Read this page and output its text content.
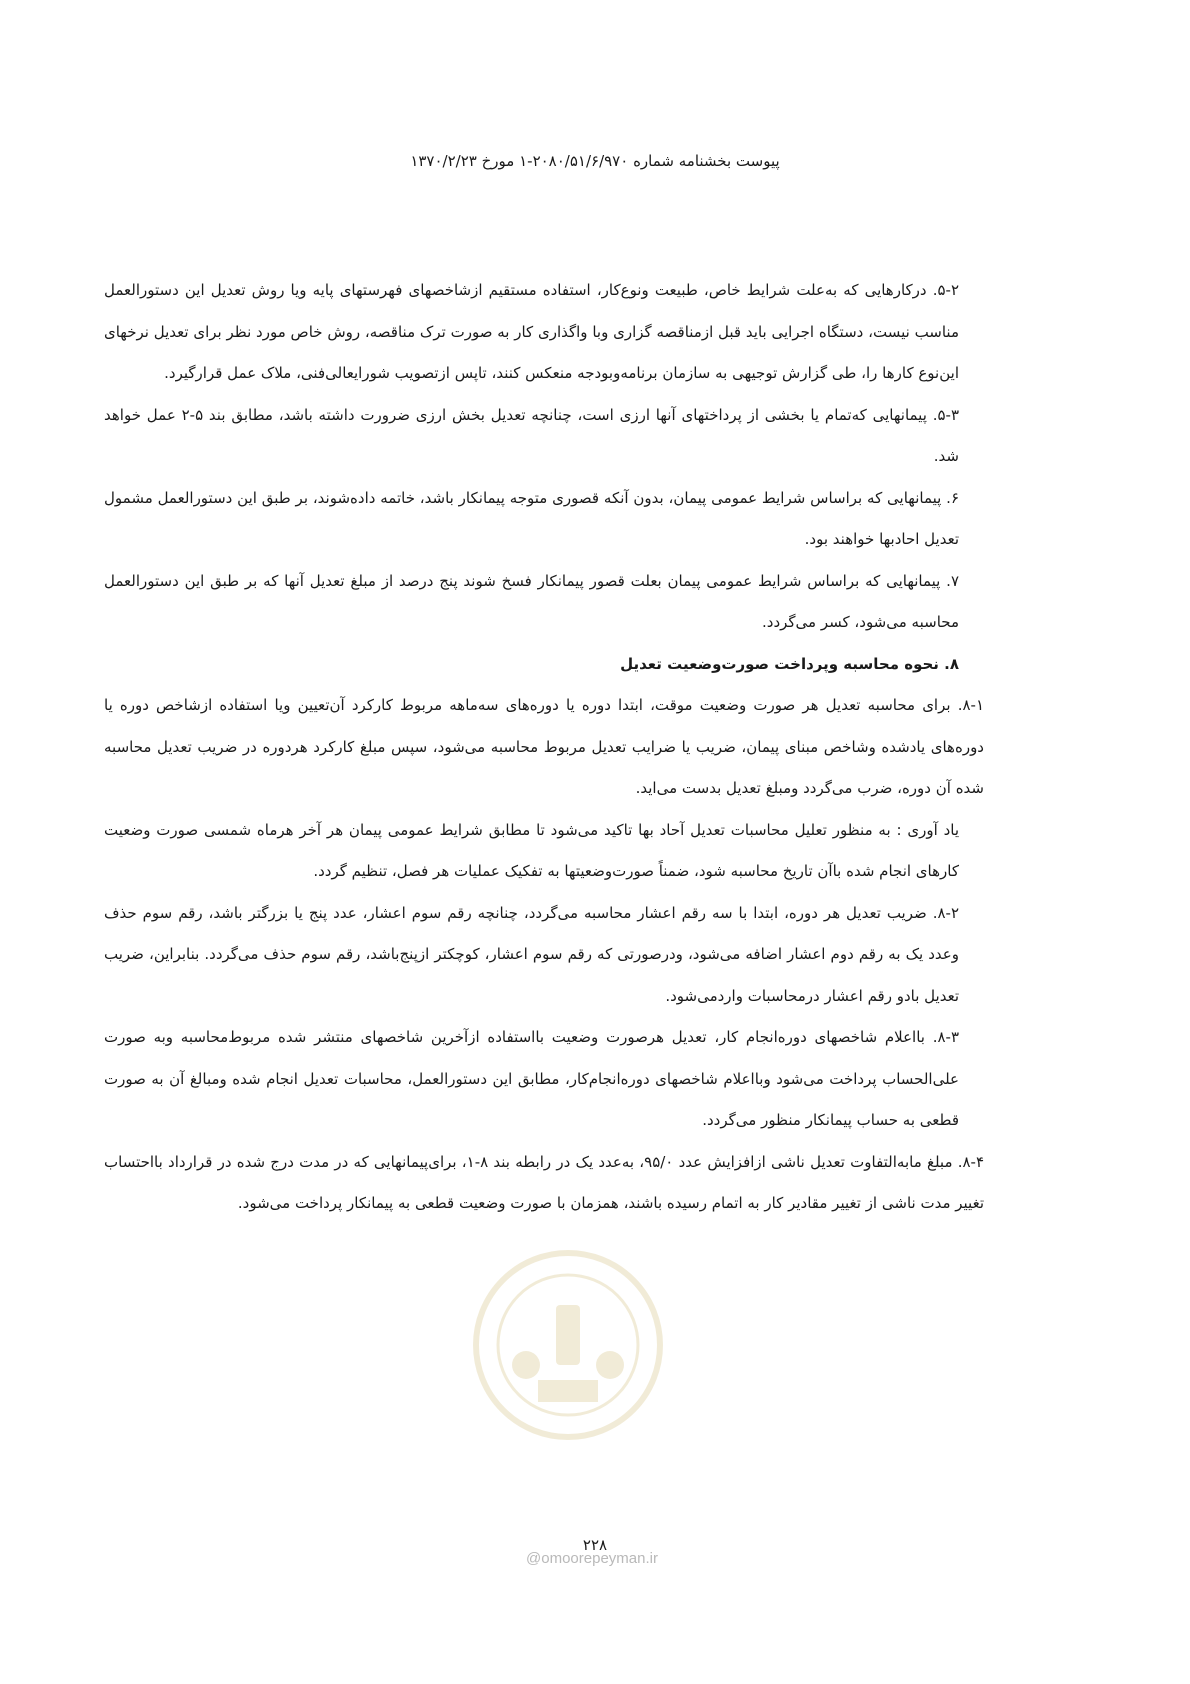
پیوست بخشنامه شماره ۲۰۸۰/۵۱/۶/۹۷۰-۱ مورخ ۱۳۷۰/۲/۲۳

۵-۲. درکارهایی که به‌علت شرایط خاص، طبیعت ونوع‌کار، استفاده مستقیم ازشاخصهای فهرستهای پایه ویا روش تعدیل این دستورالعمل مناسب نیست، دستگاه اجرایی باید قبل ازمناقصه گزاری وبا واگذاری کار به صورت ترک مناقصه، روش خاص مورد نظر برای تعدیل نرخهای این‌نوع کارها را، طی گزارش توجیهی به سازمان برنامه‌وبودجه منعکس کنند، تاپس ازتصویب شورایعالی‌فنی، ملاک عمل قرارگیرد.

۵-۳. پیمانهایی که‌تمام یا بخشی از پرداختهای آنها ارزی است، چنانچه تعدیل بخش ارزی ضرورت داشته باشد، مطابق بند ۵-۲ عمل خواهد شد.

۶. پیمانهایی که براساس شرایط عمومی پیمان، بدون آنکه قصوری متوجه پیمانکار باشد، خاتمه داده‌شوند، بر طبق این دستورالعمل مشمول تعدیل احادبها خواهند بود.

۷. پیمانهایی که براساس شرایط عمومی پیمان بعلت قصور پیمانکار فسخ شوند پنج درصد از مبلغ تعدیل آنها که بر طبق این دستورالعمل محاسبه می‌شود، کسر می‌گردد.

۸. نحوه محاسبه وپرداخت صورت‌وضعیت تعدیل

۸-۱. برای محاسبه تعدیل هر صورت وضعیت موقت، ابتدا دوره یا دوره‌های سه‌ماهه مربوط کارکرد آن‌تعیین ویا استفاده ازشاخص دوره یا دوره‌های یادشده وشاخص مبنای پیمان، ضریب یا ضرایب تعدیل مربوط محاسبه می‌شود، سپس مبلغ کارکرد هردوره در ضریب تعدیل محاسبه شده آن دوره، ضرب می‌گردد ومبلغ تعدیل بدست می‌اید.

یاد آوری : به منظور تعلیل محاسبات تعدیل آحاد بها تاکید می‌شود تا مطابق شرایط عمومی پیمان هر آخر هرماه شمسی صورت وضعیت کارهای انجام شده باآن تاریخ محاسبه شود، ضمناً صورت‌وضعیتها به تفکیک عملیات هر فصل، تنظیم گردد.

۸-۲. ضریب تعدیل هر دوره، ابتدا با سه رقم اعشار محاسبه می‌گردد، چنانچه رقم سوم اعشار، عدد پنج یا بزرگتر باشد، رقم سوم حذف وعدد یک به رقم دوم اعشار اضافه می‌شود، ودرصورتی که رقم سوم اعشار، کوچکتر ازپنج‌باشد، رقم سوم حذف می‌گردد. بنابراین، ضریب تعدیل بادو رقم اعشار درمحاسبات واردمی‌شود.

۸-۳. بااعلام شاخصهای دوره‌انجام کار، تعدیل هرصورت وضعیت بااستفاده ازآخرین شاخصهای منتشر شده مربوط‌محاسبه وبه صورت علی‌الحساب پرداخت می‌شود وبااعلام شاخصهای دوره‌انجام‌کار، مطابق این دستورالعمل، محاسبات تعدیل انجام شده ومبالغ آن به صورت قطعی به حساب پیمانکار منظور می‌گردد.

۸-۴. مبلغ مابه‌التفاوت تعدیل ناشی ازافزایش عدد ۹۵/۰، به‌عدد یک در رابطه بند ۸-۱، برای‌پیمانهایی که در مدت درج شده در قرارداد بااحتساب تغییر مدت ناشی از تغییر مقادیر کار به اتمام رسیده باشند، همزمان با صورت وضعیت قطعی به پیمانکار پرداخت می‌شود.

۲۲۸
@omoorepeyman.ir
